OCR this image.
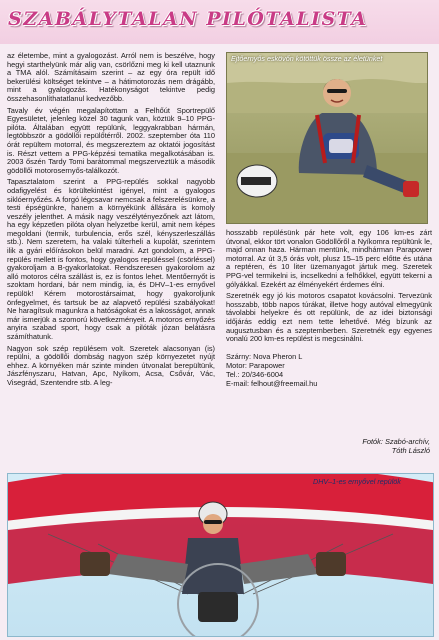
SZABÁLYTALAN PILÓTALISTA

az életembe, mint a gyalogozást. Arról nem is beszélve, hogy hegyi starthelyünk már alig van, csörlőzni meg ki kell utaznunk a TMA alól. Számításaim szerint – az egy óra repült idő bekerülési költséget tekintve – a hátimotorozás nem drágább, mint a gyalogozás. Hatékonyságot tekintve pedig összehasonlíthatatlanul kedvezőbb.

Tavaly év végén megalapítottam a Felhőút Sportrepülő Egyesületet, jelenleg közel 30 tagunk van, köztük 9–10 PPG-pilóta. Általában együtt repülünk, leggyakrabban hármán, legtöbbször a gödöllői repülőtérről. 2002. szeptember óta 110 órát repültem motorral, és megszereztem az oktatói jogosítást is. Részt vettem a PPG-képzési tematika megalkotásában is. 2003 őszén Tardy Tomi barátommal megszerveztük a második gödöllői motorosernyős-találkozót.

Tapasztalatom szerint a PPG-repülés sokkal nagyobb odafigyelést és körültekintést igényel, mint a gyalogos siklóernyőzés. A forgó légcsavar nemcsak a felszerelésünkre, a testi épségünkre, hanem a környékünk állására is komoly veszély jelenthet. A másik nagy veszélytényezőnek azt látom, ha egy képzetlen pilóta olyan helyzetbe kerül, amit nem képes megoldani (termik, turbulencia, erős szél, kényszerleszállás stb.). Nem szeretem, ha valaki túlterheli a kupolát, szerintem ilik a gyári előírásokon belül maradni. Azt gondolom, a PPG-repülés mellett is fontos, hogy gyalogos repüléssel (csörléssel) gyakoroljam a B-gyakorlatokat. Rendszeresen gyakorolom az alló motoros célra szállást is, ez is fontos lehet. Mentőernyőt is szoktam hordani, bár nem mindig, ia, és DHV–1-es ernyővel repülök! Kérem motorostársaimat, hogy gyakoroljunk önfegyelmet, és tartsuk be az alapvető repülési szabályokat! Ne haragítsuk magunkra a hatóságokat és a lakosságot, annak már ismerjük a szomorú következményeit. A motoros ernyőzés anyira szabad sport, hogy csak a pilóták józan belátásra számíthatunk.

Nagyon sok szép repülésem volt. Szeretek alacsonyan (is) repülni, a gödöllői dombság nagyon szép környezetet nyújt ehhez. A környéken már szinte minden útvonalat berepültünk, Jászfényszaru, Hatvan, Apc, Nyíkom, Acsa, Csővár, Vác, Visegrád, Szentendre stb. A leg-

Ejtőernyős eskövőn kötöttük össze az életünket

hosszabb repülésünk pár hete volt, egy 106 km-es zárt útvonal, ekkor tört vonalon Gödöllőről a Nyíkomra repültünk le, majd onnan haza. Hárman mentünk, mindhárman Parapower motorral. Az út 3,5 órás volt, plusz 15–15 perc előtte és utána a reptéren, és 10 liter üzemanyagot jártuk meg. Szeretek PPG-vel termikelni is, incselkedni a felhőkkel, együtt tekerni a gólyákkal. Ezekért az élményekért érdemes élni.

Szeretnék egy jó kis motoros csapatot kovácsolni. Tervezünk hosszabb, több napos túrákat, illetve hogy autóval elmegyünk távolabbi helyekre és ott repülünk, de az idei biztonsági időjárás eddig ezt nem tette lehetővé. Még bízunk az augusztusban és a szeptemberben. Szeretnék egy egyenes vonalú 200 km-es repülést is megcsinálni.

Szárny: Nova Pheron L
Motor: Parapower
Tel.: 20/346-6004
E-mail: felhout@freemail.hu
Fotók: Szabó-archív,
Tóth László
DHV–1-es ernyővel repülök
